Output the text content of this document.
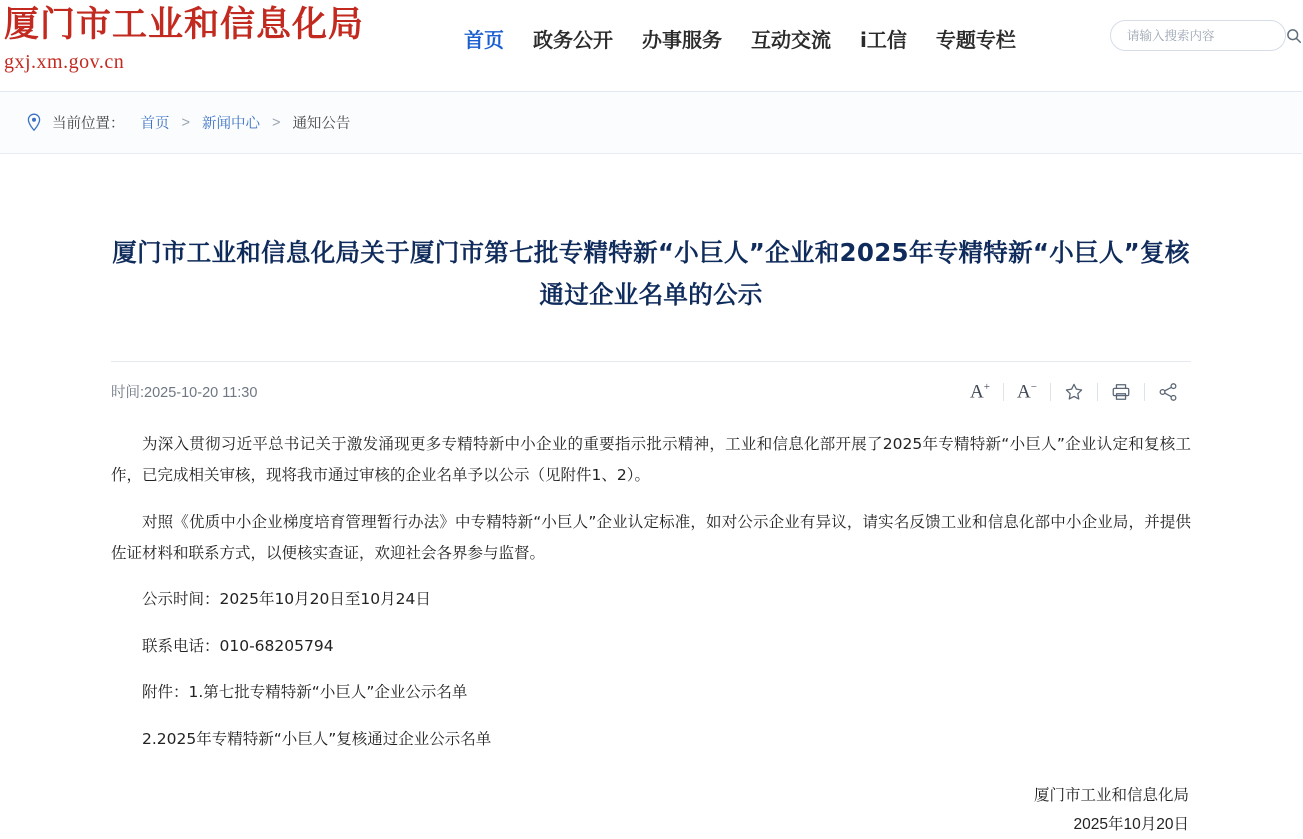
厦门市工业和信息化局
gxj.xm.gov.cn
首页 政务公开 办事服务 互动交流 i工信 专题专栏
请输入搜索内容
当前位置： 首页 > 新闻中心 > 通知公告
厦门市工业和信息化局关于厦门市第七批专精特新“小巨人”企业和2025年专精特新“小巨人”复核 通过企业名单的公示
时间:2025-10-20 11:30	A+ A−

为深入贯彻习近平总书记关于激发涌现更多专精特新中小企业的重要指示批示精神，工业和信息化部开展了2025年专精特新“小巨人”企业认定和复核工作，已完成相关审核，现将我市通过审核的企业名单予以公示（见附件1、2）。

对照《优质中小企业梯度培育管理暂行办法》中专精特新“小巨人”企业认定标准，如对公示企业有异议，请实名反馈工业和信息化部中小企业局，并提供佐证材料和联系方式，以便核实查证，欢迎社会各界参与监督。

　　公示时间：2025年10月20日至10月24日

　　联系电话：010-68205794

　　附件：1.第七批专精特新“小巨人”企业公示名单

　　2.2025年专精特新“小巨人”复核通过企业公示名单

厦门市工业和信息化局
2025年10月20日
